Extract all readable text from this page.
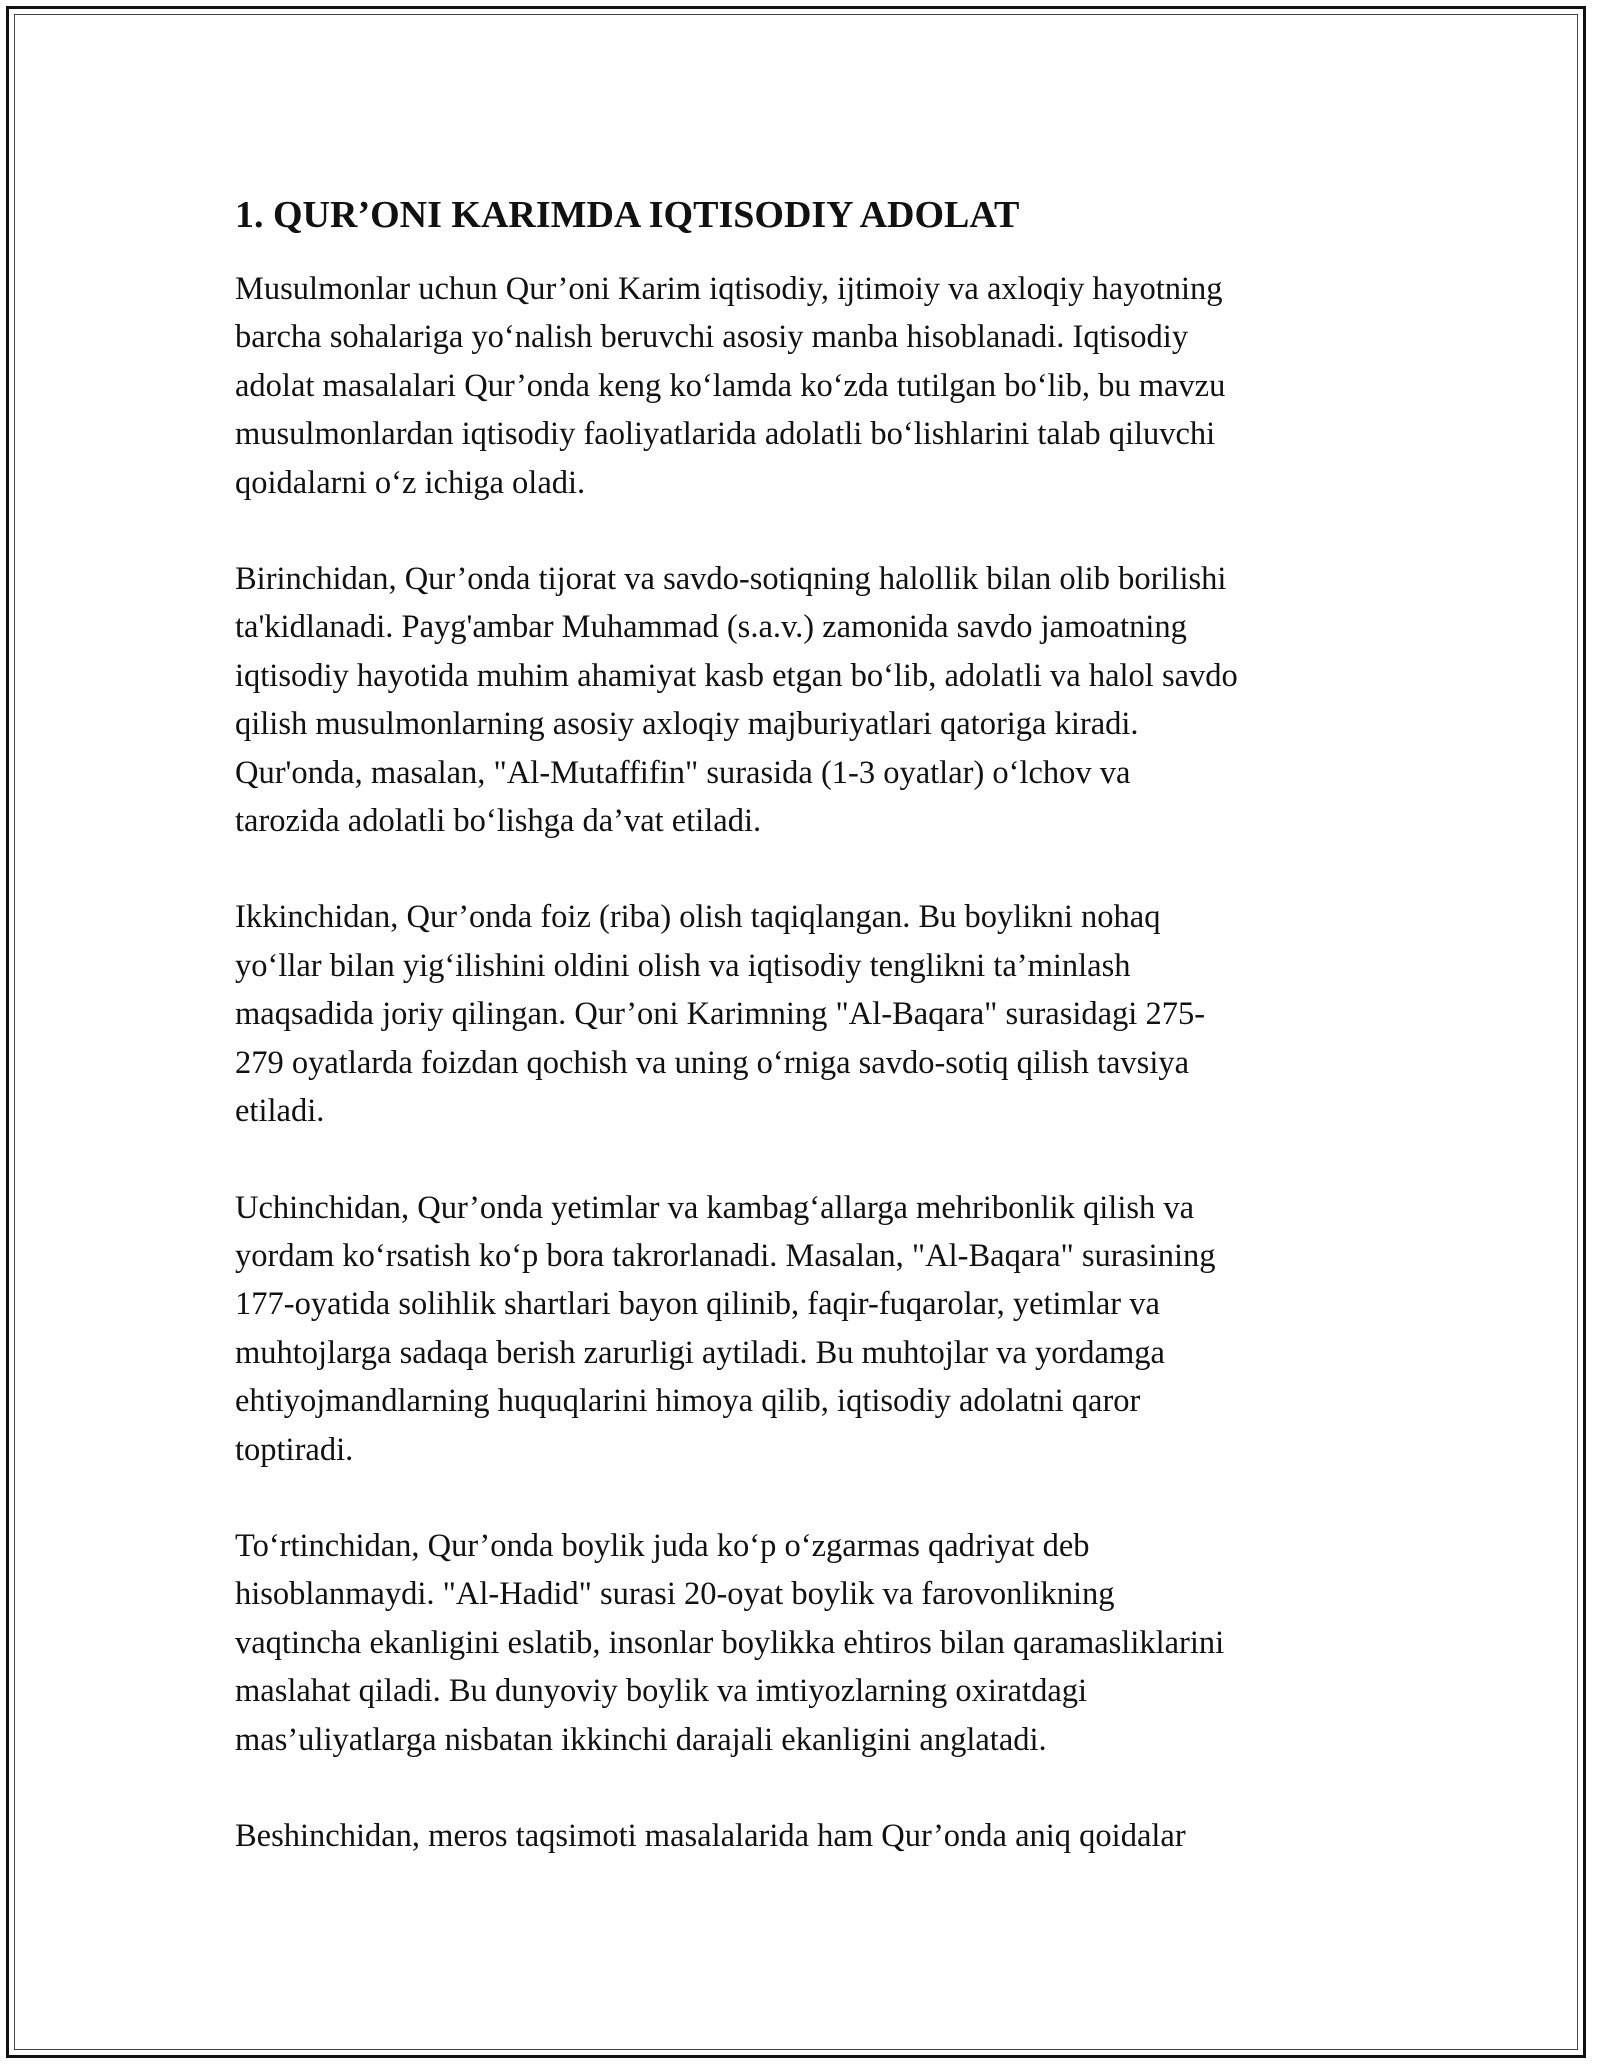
1. QUR’ONI KARIMDA IQTISODIY ADOLAT

Musulmonlar uchun Qur’oni Karim iqtisodiy, ijtimoiy va axloqiy hayotning
barcha sohalariga yo‘nalish beruvchi asosiy manba hisoblanadi. Iqtisodiy
adolat masalalari Qur’onda keng ko‘lamda ko‘zda tutilgan bo‘lib, bu mavzu
musulmonlardan iqtisodiy faoliyatlarida adolatli bo‘lishlarini talab qiluvchi
qoidalarni o‘z ichiga oladi.

Birinchidan, Qur’onda tijorat va savdo-sotiqning halollik bilan olib borilishi
ta'kidlanadi. Payg'ambar Muhammad (s.a.v.) zamonida savdo jamoatning
iqtisodiy hayotida muhim ahamiyat kasb etgan bo‘lib, adolatli va halol savdo
qilish musulmonlarning asosiy axloqiy majburiyatlari qatoriga kiradi.
Qur'onda, masalan, "Al-Mutaffifin" surasida (1-3 oyatlar) o‘lchov va
tarozida adolatli bo‘lishga da’vat etiladi.

Ikkinchidan, Qur’onda foiz (riba) olish taqiqlangan. Bu boylikni nohaq
yo‘llar bilan yig‘ilishini oldini olish va iqtisodiy tenglikni ta’minlash
maqsadida joriy qilingan. Qur’oni Karimning "Al-Baqara" surasidagi 275-
279 oyatlarda foizdan qochish va uning o‘rniga savdo-sotiq qilish tavsiya
etiladi.

Uchinchidan, Qur’onda yetimlar va kambag‘allarga mehribonlik qilish va
yordam ko‘rsatish ko‘p bora takrorlanadi. Masalan, "Al-Baqara" surasining
177-oyatida solihlik shartlari bayon qilinib, faqir-fuqarolar, yetimlar va
muhtojlarga sadaqa berish zarurligi aytiladi. Bu muhtojlar va yordamga
ehtiyojmandlarning huquqlarini himoya qilib, iqtisodiy adolatni qaror
toptiradi.

To‘rtinchidan, Qur’onda boylik juda ko‘p o‘zgarmas qadriyat deb
hisoblanmaydi. "Al-Hadid" surasi 20-oyat boylik va farovonlikning
vaqtincha ekanligini eslatib, insonlar boylikka ehtiros bilan qaramasliklarini
maslahat qiladi. Bu dunyoviy boylik va imtiyozlarning oxiratdagi
mas’uliyatlarga nisbatan ikkinchi darajali ekanligini anglatadi.

Beshinchidan, meros taqsimoti masalalarida ham Qur’onda aniq qoidalar
